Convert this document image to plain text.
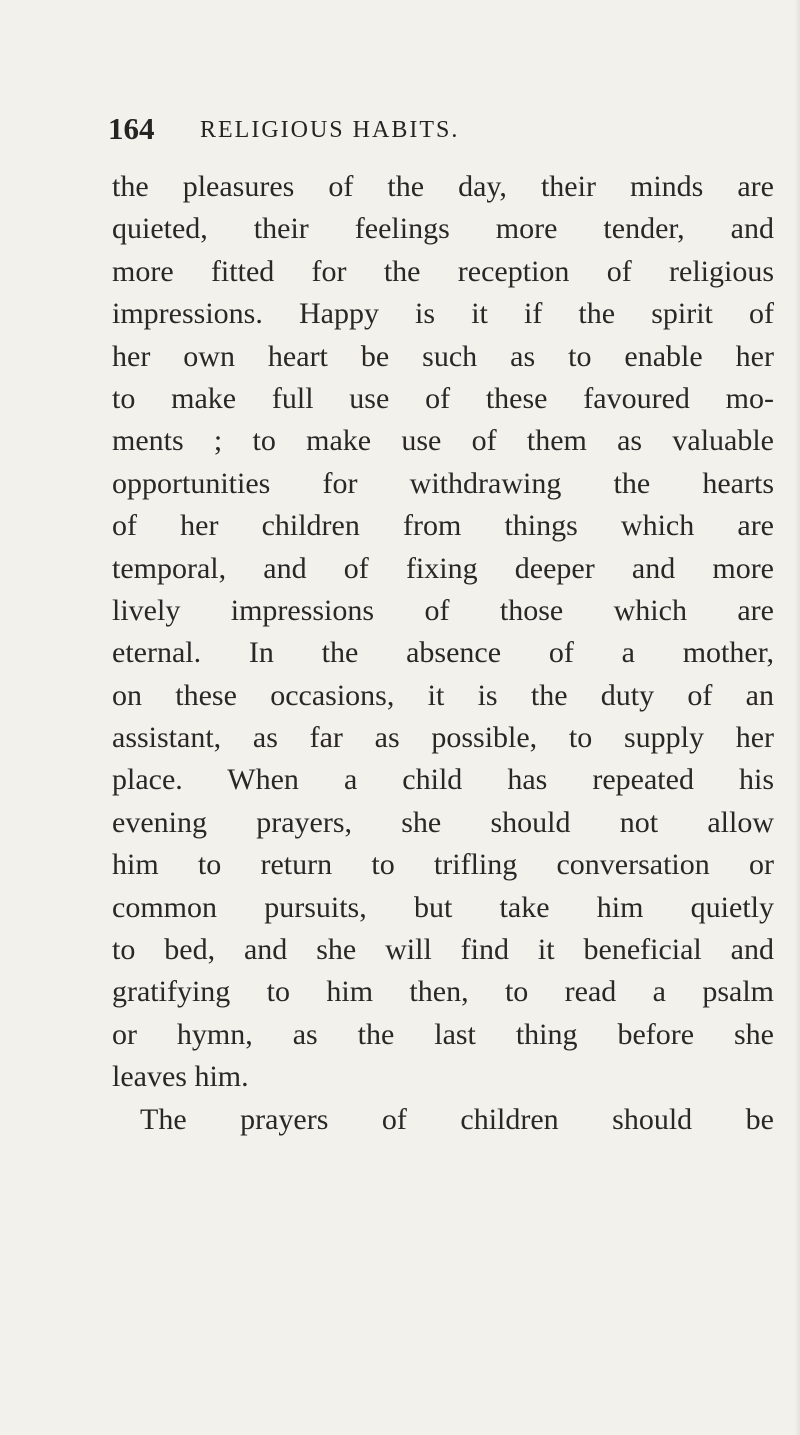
164 RELIGIOUS HABITS.
the pleasures of the day, their minds are
quieted, their feelings more tender, and
more fitted for the reception of religious
impressions. Happy is it if the spirit of
her own heart be such as to enable her
to make full use of these favoured mo-
ments ; to make use of them as valuable
opportunities for withdrawing the hearts
of her children from things which are
temporal, and of fixing deeper and more
lively impressions of those which are
eternal. In the absence of a mother,
on these occasions, it is the duty of an
assistant, as far as possible, to supply her
place. When a child has repeated his
evening prayers, she should not allow
him to return to trifling conversation or
common pursuits, but take him quietly
to bed, and she will find it beneficial and
gratifying to him then, to read a psalm
or hymn, as the last thing before she
leaves him.
The prayers of children should be
